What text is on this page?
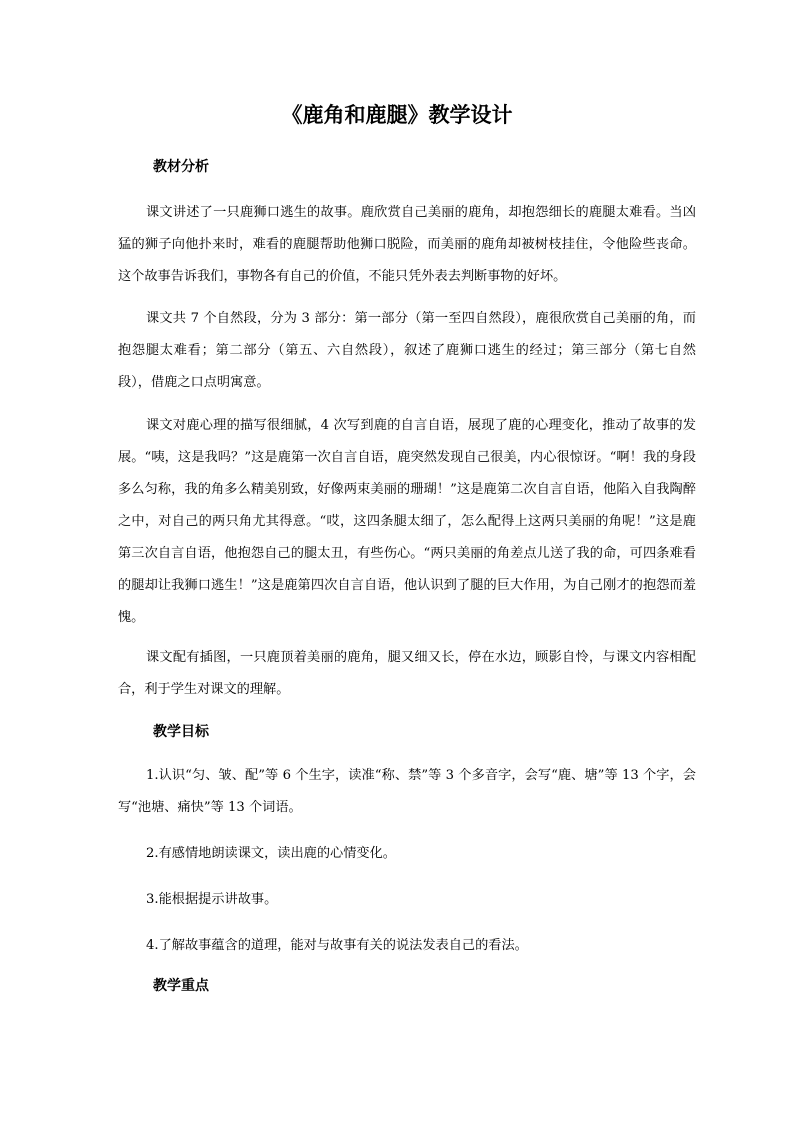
《鹿角和鹿腿》教学设计
教材分析

课文讲述了一只鹿狮口逃生的故事。鹿欣赏自己美丽的鹿角，却抱怨细长的鹿腿太难看。当凶猛的狮子向他扑来时，难看的鹿腿帮助他狮口脱险，而美丽的鹿角却被树枝挂住，令他险些丧命。这个故事告诉我们，事物各有自己的价值，不能只凭外表去判断事物的好坏。

课文共 7 个自然段，分为 3 部分：第一部分（第一至四自然段），鹿很欣赏自己美丽的角，而抱怨腿太难看；第二部分（第五、六自然段），叙述了鹿狮口逃生的经过；第三部分（第七自然段），借鹿之口点明寓意。

课文对鹿心理的描写很细腻，4 次写到鹿的自言自语，展现了鹿的心理变化，推动了故事的发展。“咦，这是我吗？”这是鹿第一次自言自语，鹿突然发现自己很美，内心很惊讶。“啊！我的身段多么匀称，我的角多么精美别致，好像两束美丽的珊瑚！”这是鹿第二次自言自语，他陷入自我陶醉之中，对自己的两只角尤其得意。“哎，这四条腿太细了，怎么配得上这两只美丽的角呢！”这是鹿第三次自言自语，他抱怨自己的腿太丑，有些伤心。“两只美丽的角差点儿送了我的命，可四条难看的腿却让我狮口逃生！”这是鹿第四次自言自语，他认识到了腿的巨大作用，为自己刚才的抱怨而羞愧。

课文配有插图，一只鹿顶着美丽的鹿角，腿又细又长，停在水边，顾影自怜，与课文内容相配合，利于学生对课文的理解。

教学目标

1.认识“匀、皱、配”等 6 个生字，读准“称、禁”等 3 个多音字，会写“鹿、塘”等 13 个字，会写“池塘、痛快”等 13 个词语。

2.有感情地朗读课文，读出鹿的心情变化。

3.能根据提示讲故事。

4.了解故事蕴含的道理，能对与故事有关的说法发表自己的看法。

教学重点
